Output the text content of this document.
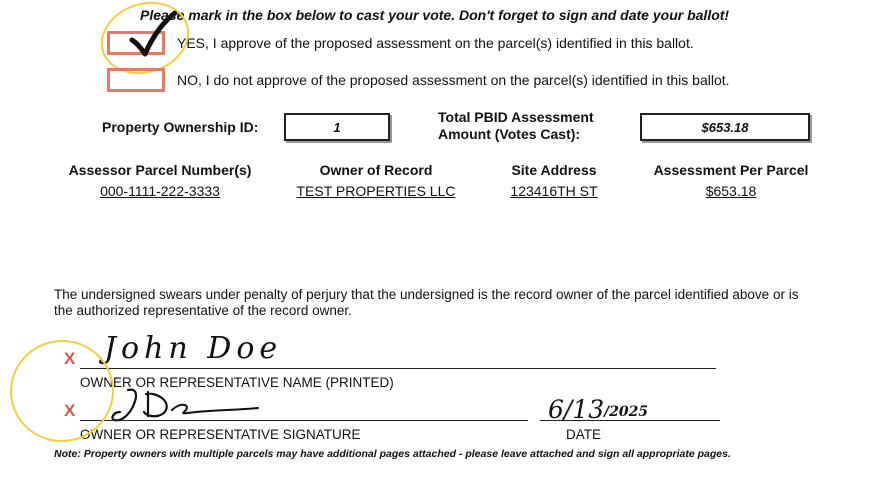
Please mark in the box below to cast your vote. Don't forget to sign and date your ballot!
YES, I approve of the proposed assessment on the parcel(s) identified in this ballot.
NO, I do not approve of the proposed assessment on the parcel(s) identified in this ballot.
Property Ownership ID:	1
Total PBID Assessment
Amount (Votes Cast):	$653.18
Assessor Parcel Number(s)
000-1111-222-3333
Owner of Record
TEST PROPERTIES LLC
Site Address
123416TH ST
Assessment Per Parcel
$653.18
The undersigned swears under penalty of perjury that the undersigned is the record owner of the parcel identified above or is the authorized representative of the record owner.
X John Doe
OWNER OR REPRESENTATIVE NAME (PRINTED)
X
OWNER OR REPRESENTATIVE SIGNATURE
6/13 /2025
DATE
Note: Property owners with multiple parcels may have additional pages attached - please leave attached and sign all appropriate pages.
